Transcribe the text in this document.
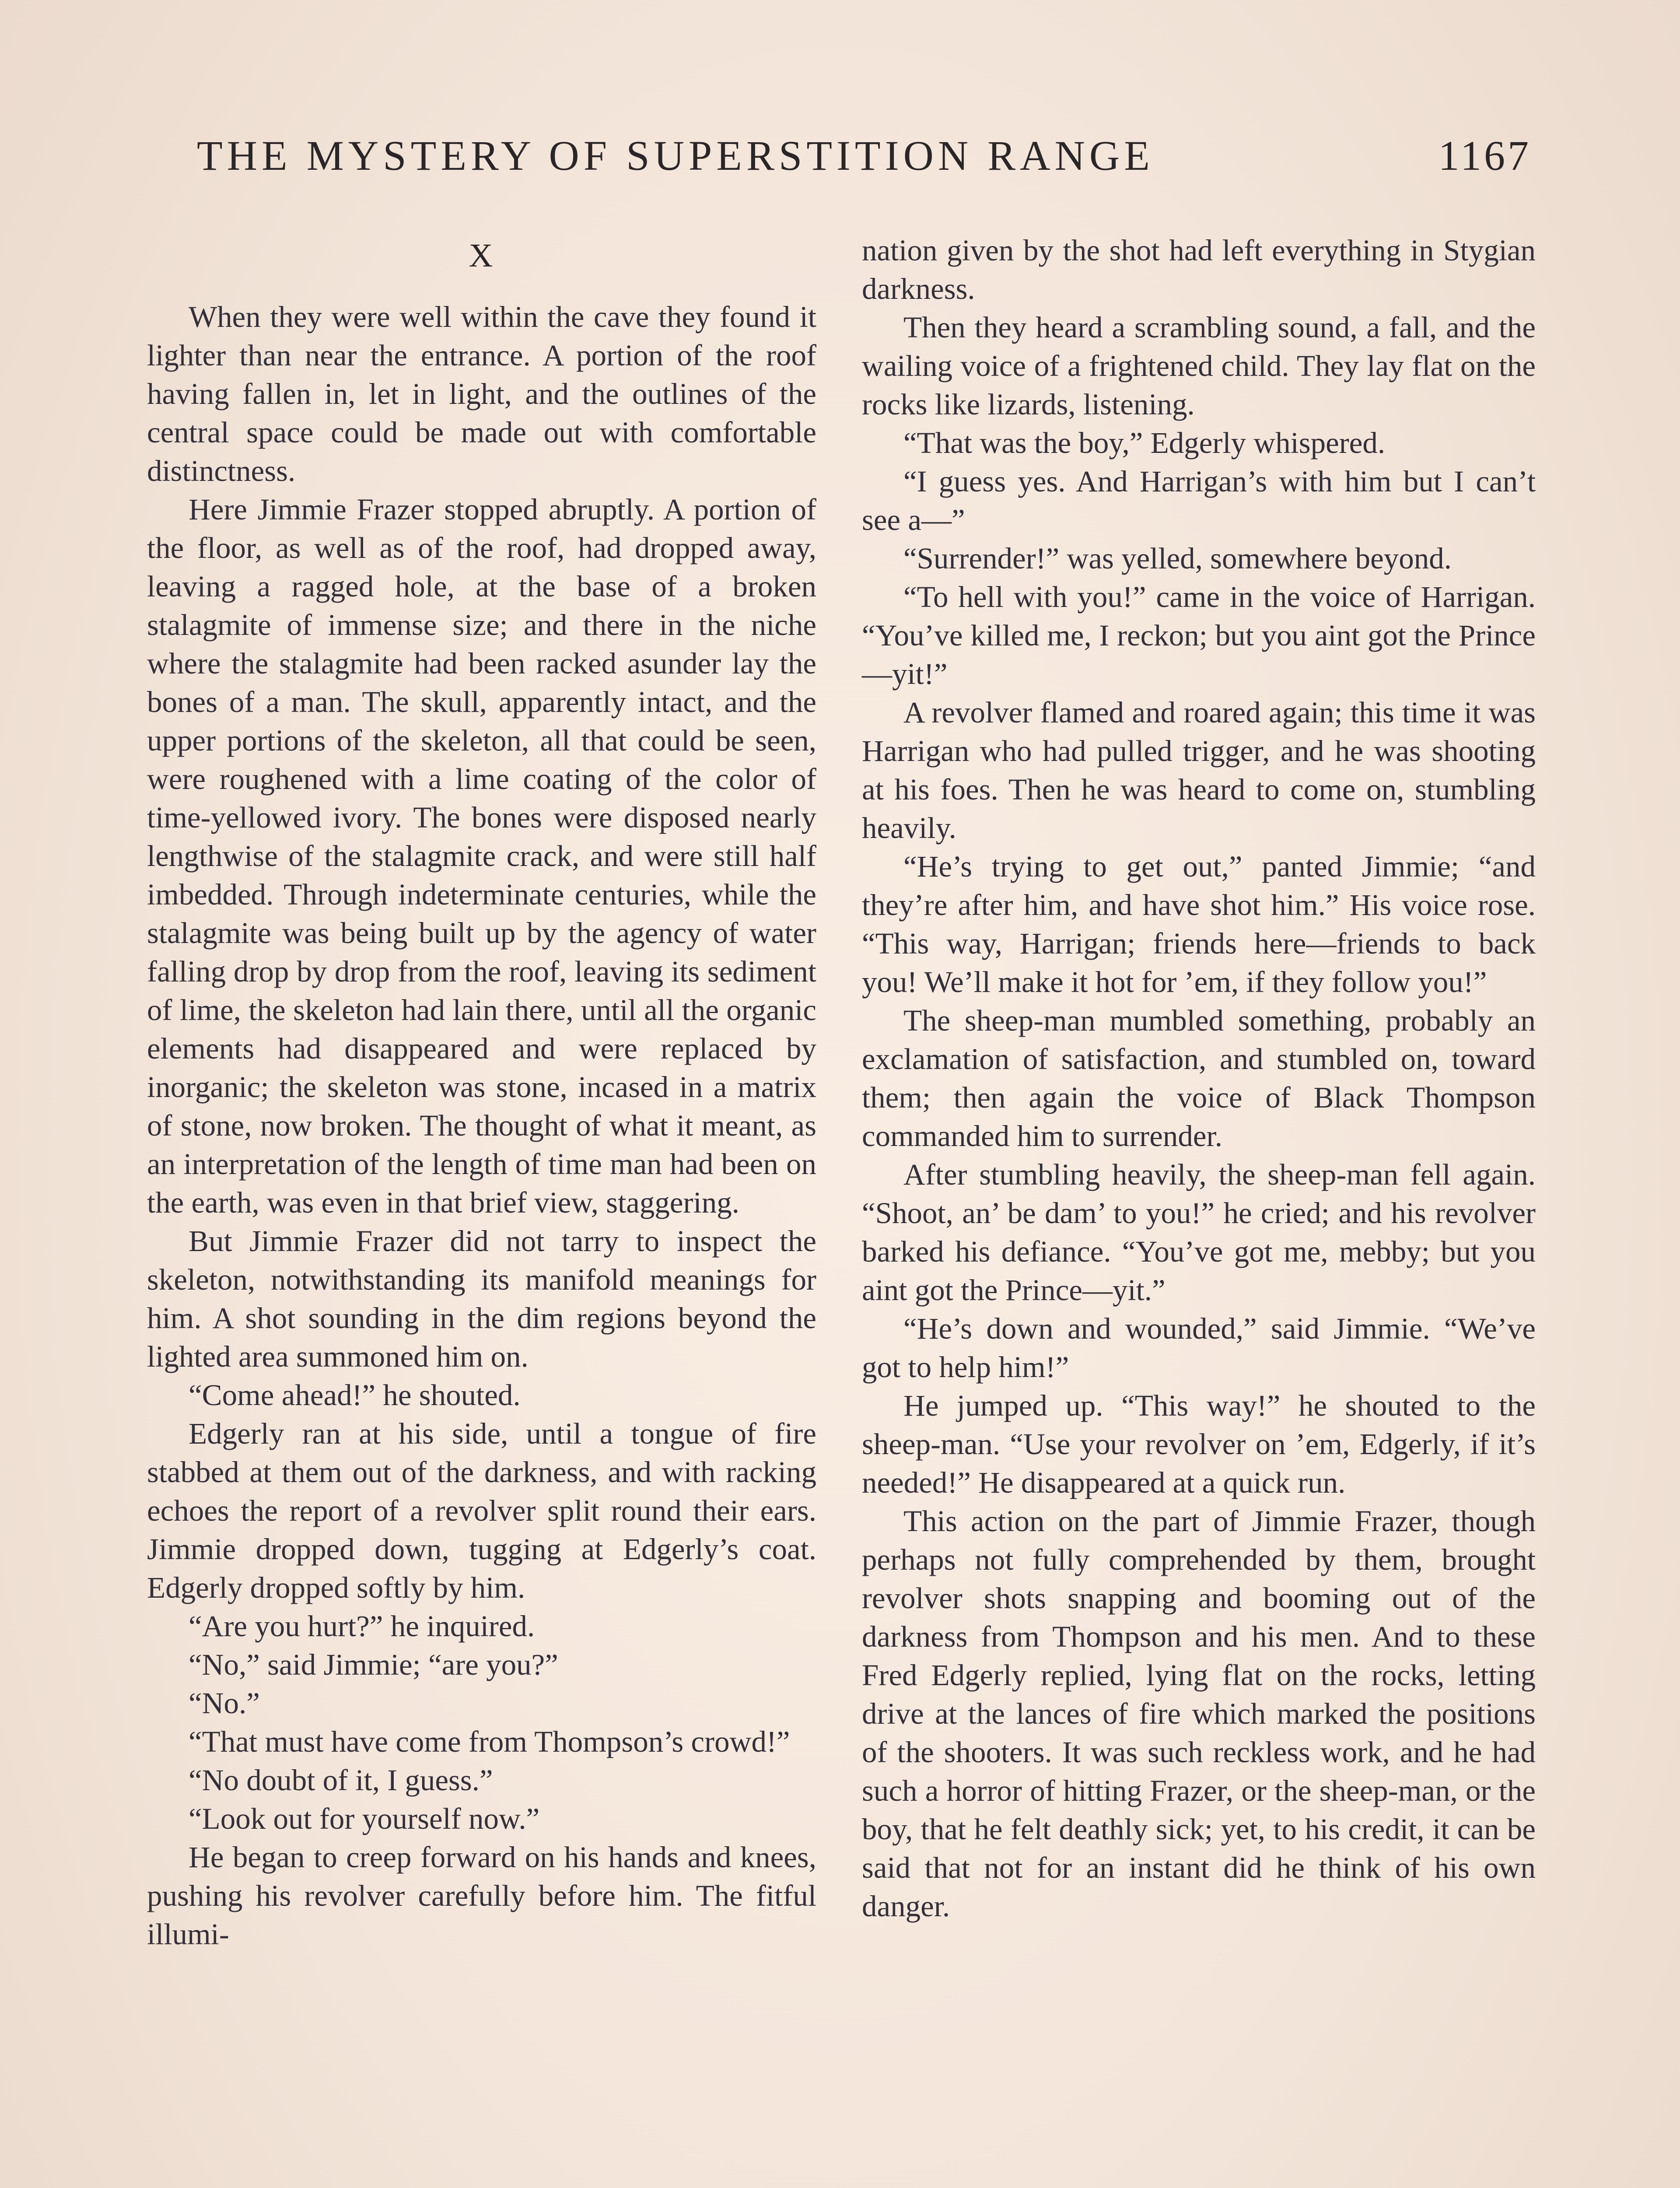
THE MYSTERY OF SUPERSTITION RANGE	1167
X

When they were well within the cave they found it lighter than near the entrance. A portion of the roof having fallen in, let in light, and the outlines of the central space could be made out with comfortable distinctness.

Here Jimmie Frazer stopped abruptly. A portion of the floor, as well as of the roof, had dropped away, leaving a ragged hole, at the base of a broken stalagmite of immense size; and there in the niche where the stalagmite had been racked asunder lay the bones of a man. The skull, apparently intact, and the upper portions of the skeleton, all that could be seen, were roughened with a lime coating of the color of time-yellowed ivory. The bones were disposed nearly lengthwise of the stalagmite crack, and were still half imbedded. Through indeterminate centuries, while the stalagmite was being built up by the agency of water falling drop by drop from the roof, leaving its sediment of lime, the skeleton had lain there, until all the organic elements had disappeared and were replaced by inorganic; the skeleton was stone, incased in a matrix of stone, now broken. The thought of what it meant, as an interpretation of the length of time man had been on the earth, was even in that brief view, staggering.

But Jimmie Frazer did not tarry to inspect the skeleton, notwithstanding its manifold meanings for him. A shot sounding in the dim regions beyond the lighted area summoned him on.

“Come ahead!” he shouted.

Edgerly ran at his side, until a tongue of fire stabbed at them out of the darkness, and with racking echoes the report of a revolver split round their ears. Jimmie dropped down, tugging at Edgerly’s coat. Edgerly dropped softly by him.

“Are you hurt?” he inquired.

“No,” said Jimmie; “are you?”

“No.”

“That must have come from Thompson’s crowd!”

“No doubt of it, I guess.”

“Look out for yourself now.”

He began to creep forward on his hands and knees, pushing his revolver carefully before him. The fitful illumi-

nation given by the shot had left everything in Stygian darkness.

Then they heard a scrambling sound, a fall, and the wailing voice of a frightened child. They lay flat on the rocks like lizards, listening.

“That was the boy,” Edgerly whispered.

“I guess yes. And Harrigan’s with him but I can’t see a—”

“Surrender!” was yelled, somewhere beyond.

“To hell with you!” came in the voice of Harrigan. “You’ve killed me, I reckon; but you aint got the Prince—yit!”

A revolver flamed and roared again; this time it was Harrigan who had pulled trigger, and he was shooting at his foes. Then he was heard to come on, stumbling heavily.

“He’s trying to get out,” panted Jimmie; “and they’re after him, and have shot him.” His voice rose. “This way, Harrigan; friends here—friends to back you! We’ll make it hot for ’em, if they follow you!”

The sheep-man mumbled something, probably an exclamation of satisfaction, and stumbled on, toward them; then again the voice of Black Thompson commanded him to surrender.

After stumbling heavily, the sheep-man fell again. “Shoot, an’ be dam’ to you!” he cried; and his revolver barked his defiance. “You’ve got me, mebby; but you aint got the Prince—yit.”

“He’s down and wounded,” said Jimmie. “We’ve got to help him!”

He jumped up. “This way!” he shouted to the sheep-man. “Use your revolver on ’em, Edgerly, if it’s needed!” He disappeared at a quick run.

This action on the part of Jimmie Frazer, though perhaps not fully comprehended by them, brought revolver shots snapping and booming out of the darkness from Thompson and his men. And to these Fred Edgerly replied, lying flat on the rocks, letting drive at the lances of fire which marked the positions of the shooters. It was such reckless work, and he had such a horror of hitting Frazer, or the sheep-man, or the boy, that he felt deathly sick; yet, to his credit, it can be said that not for an instant did he think of his own danger.
